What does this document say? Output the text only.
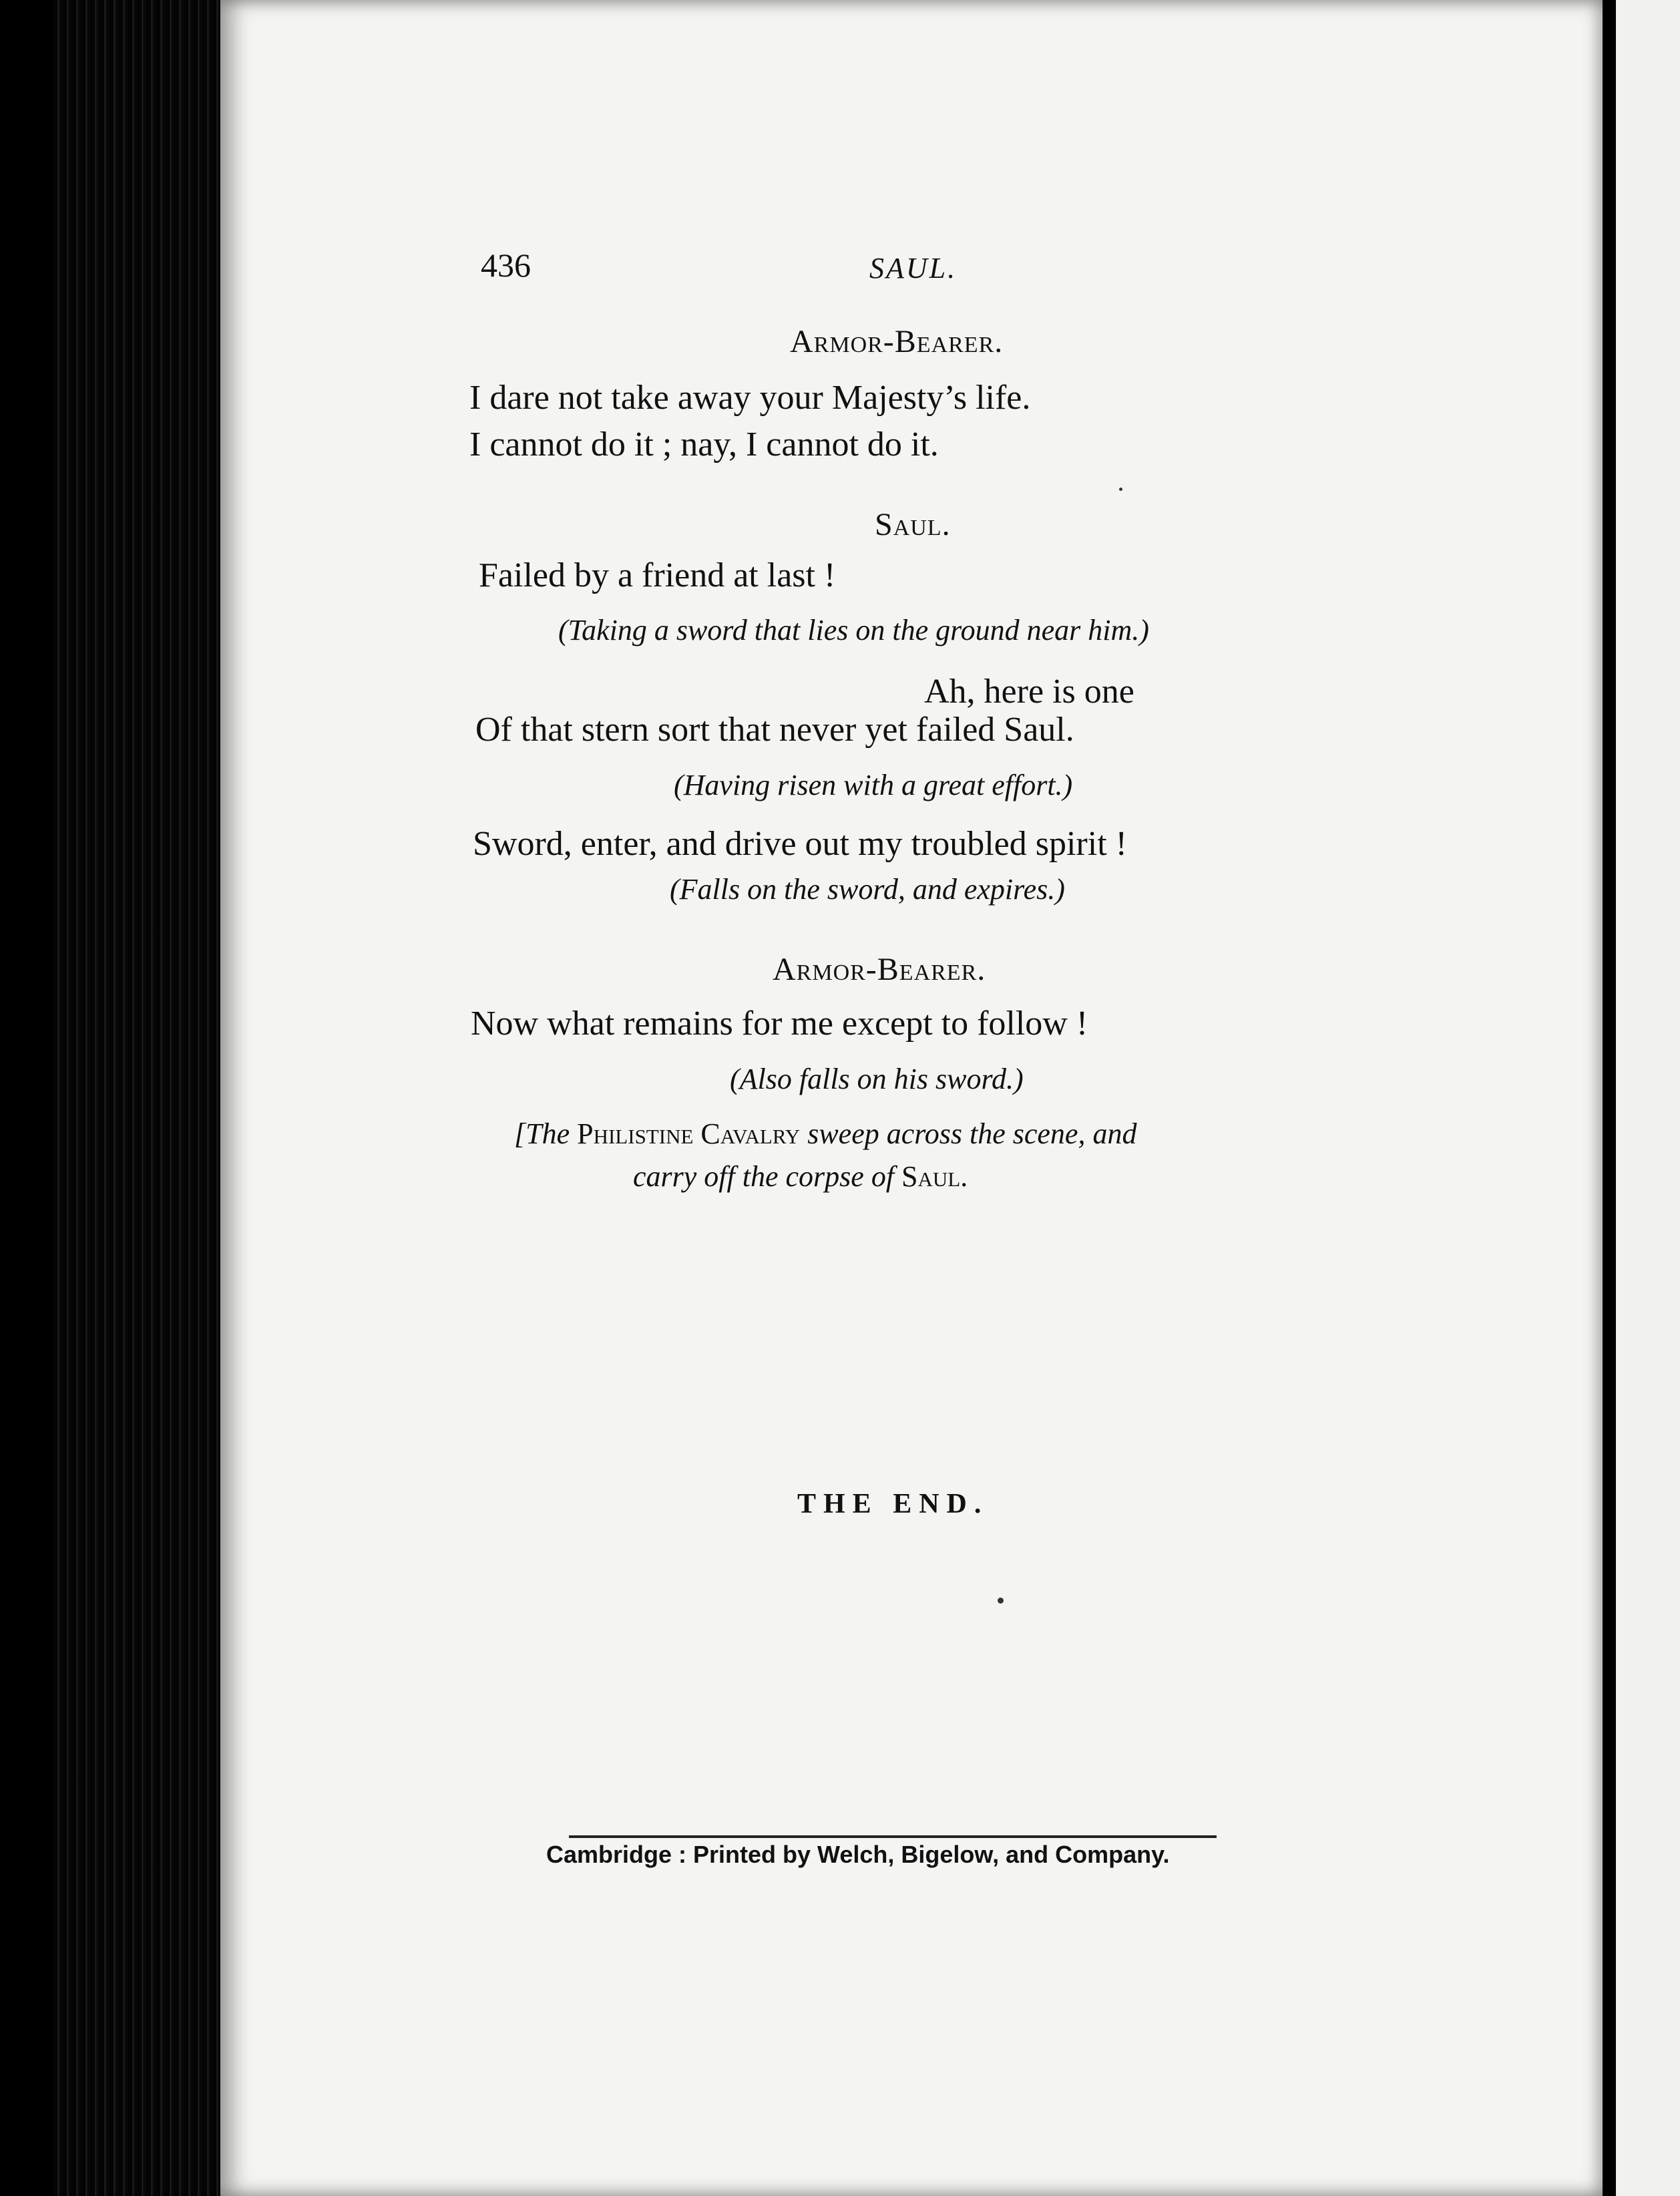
436	SAUL.
Armor-Bearer.
I dare not take away your Majesty’s life.
I cannot do it ; nay, I cannot do it.
Saul.
Failed by a friend at last !
(Taking a sword that lies on the ground near him.)
Ah, here is one
Of that stern sort that never yet failed Saul.
(Having risen with a great effort.)
Sword, enter, and drive out my troubled spirit !
(Falls on the sword, and expires.)
Armor-Bearer.
Now what remains for me except to follow !
(Also falls on his sword.)
[The Philistine Cavalry sweep across the scene, and
carry off the corpse of Saul.
THE END.
Cambridge : Printed by Welch, Bigelow, and Company.
